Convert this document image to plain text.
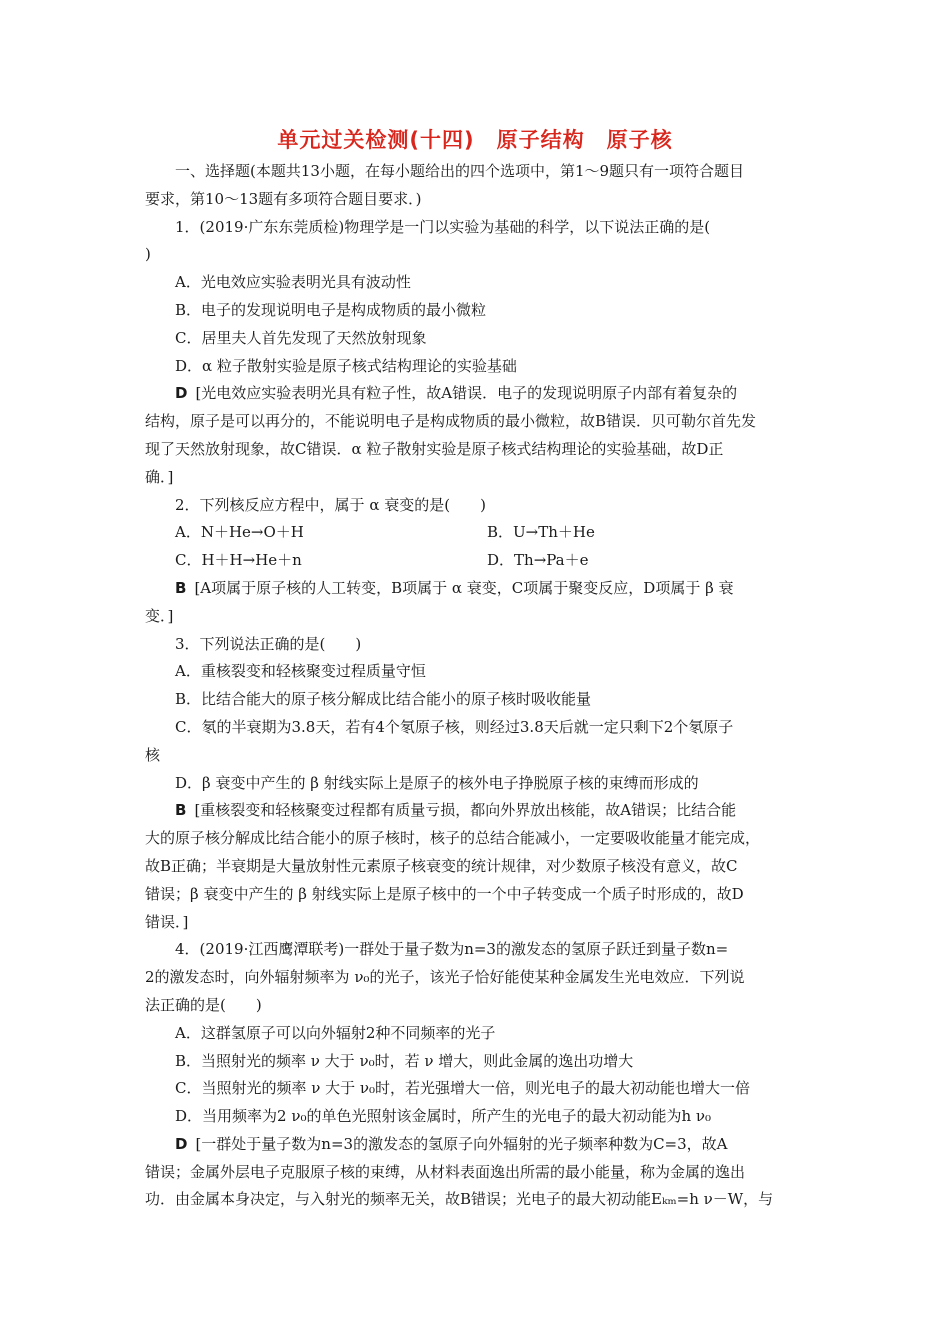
单元过关检测(十四)　原子结构　原子核
一、选择题(本题共13小题，在每小题给出的四个选项中，第1～9题只有一项符合题目
要求，第10～13题有多项符合题目要求．)
1．(2019·广东东莞质检)物理学是一门以实验为基础的科学，以下说法正确的是(
)
A．光电效应实验表明光具有波动性
B．电子的发现说明电子是构成物质的最小微粒
C．居里夫人首先发现了天然放射现象
D．α 粒子散射实验是原子核式结构理论的实验基础
D [光电效应实验表明光具有粒子性，故A错误．电子的发现说明原子内部有着复杂的
结构，原子是可以再分的，不能说明电子是构成物质的最小微粒，故B错误．贝可勒尔首先发
现了天然放射现象，故C错误．α 粒子散射实验是原子核式结构理论的实验基础，故D正
确．]
2．下列核反应方程中，属于 α 衰变的是(　　)
A．N＋He→O＋H	B．U→Th＋He
C．H＋H→He＋n	D．Th→Pa＋e
B [A项属于原子核的人工转变，B项属于 α 衰变，C项属于聚变反应，D项属于 β 衰
变．]
3．下列说法正确的是(　　)
A．重核裂变和轻核聚变过程质量守恒
B．比结合能大的原子核分解成比结合能小的原子核时吸收能量
C．氡的半衰期为3.8天，若有4个氡原子核，则经过3.8天后就一定只剩下2个氡原子
核
D．β 衰变中产生的 β 射线实际上是原子的核外电子挣脱原子核的束缚而形成的
B [重核裂变和轻核聚变过程都有质量亏损，都向外界放出核能，故A错误；比结合能
大的原子核分解成比结合能小的原子核时，核子的总结合能减小，一定要吸收能量才能完成，
故B正确；半衰期是大量放射性元素原子核衰变的统计规律，对少数原子核没有意义，故C
错误；β 衰变中产生的 β 射线实际上是原子核中的一个中子转变成一个质子时形成的，故D
错误．]
4．(2019·江西鹰潭联考)一群处于量子数为n=3的激发态的氢原子跃迁到量子数n=
2的激发态时，向外辐射频率为 ν₀的光子，该光子恰好能使某种金属发生光电效应．下列说
法正确的是(　　)
A．这群氢原子可以向外辐射2种不同频率的光子
B．当照射光的频率 ν 大于 ν₀时，若 ν 增大，则此金属的逸出功增大
C．当照射光的频率 ν 大于 ν₀时，若光强增大一倍，则光电子的最大初动能也增大一倍
D．当用频率为2 ν₀的单色光照射该金属时，所产生的光电子的最大初动能为h ν₀
D [一群处于量子数为n=3的激发态的氢原子向外辐射的光子频率种数为C=3，故A
错误；金属外层电子克服原子核的束缚，从材料表面逸出所需的最小能量，称为金属的逸出
功．由金属本身决定，与入射光的频率无关，故B错误；光电子的最大初动能Eₖₘ=h ν－W，与
